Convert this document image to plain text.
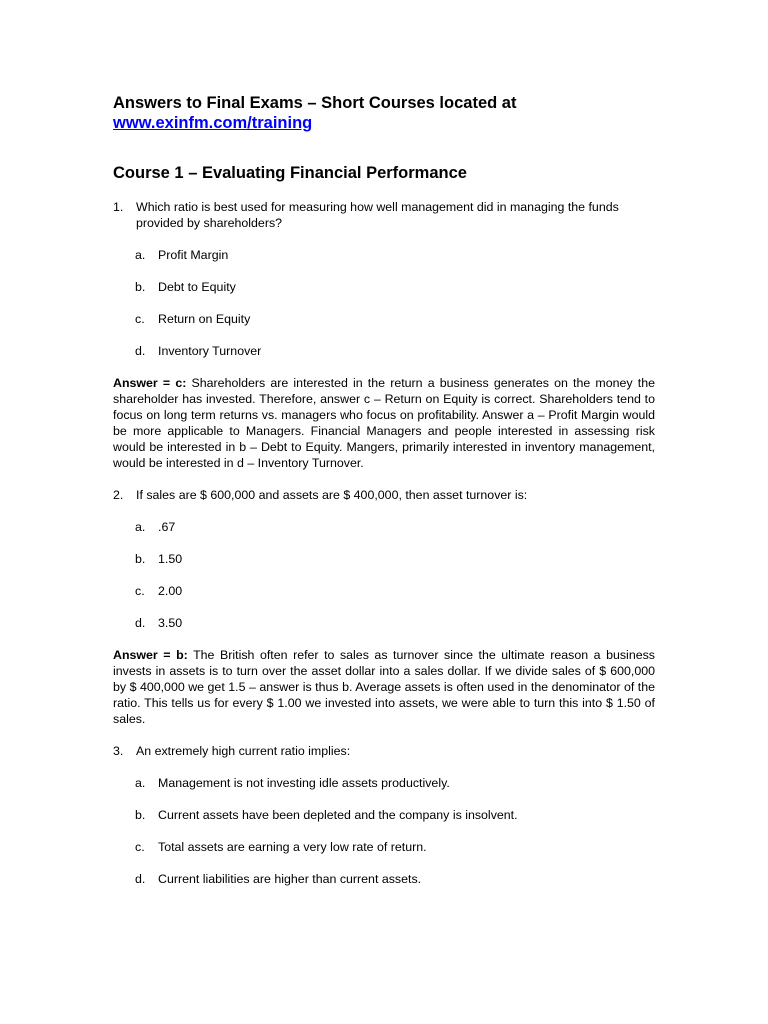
Answers to Final Exams – Short Courses located at
www.exinfm.com/training
Course 1 – Evaluating Financial Performance

1. Which ratio is best used for measuring how well management did in managing the funds provided by shareholders?

a. Profit Margin
b. Debt to Equity
c. Return on Equity
d. Inventory Turnover

Answer = c: Shareholders are interested in the return a business generates on the money the shareholder has invested. Therefore, answer c – Return on Equity is correct. Shareholders tend to focus on long term returns vs. managers who focus on profitability. Answer a – Profit Margin would be more applicable to Managers. Financial Managers and people interested in assessing risk would be interested in b – Debt to Equity. Mangers, primarily interested in inventory management, would be interested in d – Inventory Turnover.

2. If sales are $ 600,000 and assets are $ 400,000, then asset turnover is:

a. .67
b. 1.50
c. 2.00
d. 3.50

Answer = b: The British often refer to sales as turnover since the ultimate reason a business invests in assets is to turn over the asset dollar into a sales dollar. If we divide sales of $ 600,000 by $ 400,000 we get 1.5 – answer is thus b. Average assets is often used in the denominator of the ratio. This tells us for every $ 1.00 we invested into assets, we were able to turn this into $ 1.50 of sales.

3. An extremely high current ratio implies:

a. Management is not investing idle assets productively.
b. Current assets have been depleted and the company is insolvent.
c. Total assets are earning a very low rate of return.
d. Current liabilities are higher than current assets.
